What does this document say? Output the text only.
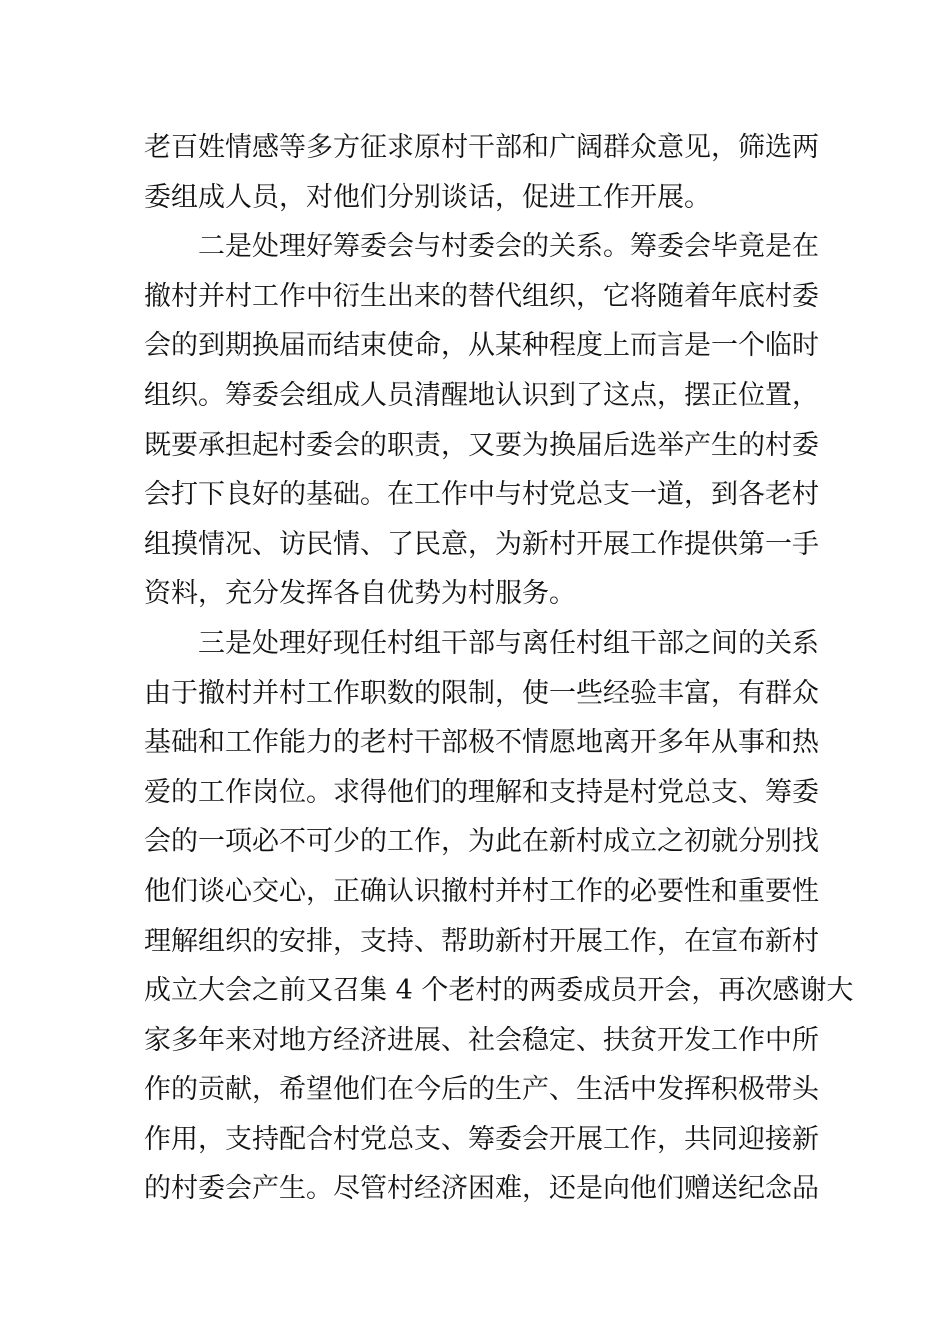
老百姓情感等多方征求原村干部和广阔群众意见，筛选两
委组成人员，对他们分别谈话，促进工作开展。
二是处理好筹委会与村委会的关系。筹委会毕竟是在
撤村并村工作中衍生出来的替代组织，它将随着年底村委
会的到期换届而结束使命，从某种程度上而言是一个临时
组织。筹委会组成人员清醒地认识到了这点，摆正位置，
既要承担起村委会的职责，又要为换届后选举产生的村委
会打下良好的基础。在工作中与村党总支一道，到各老村
组摸情况、访民情、了民意，为新村开展工作提供第一手
资料，充分发挥各自优势为村服务。
三是处理好现任村组干部与离任村组干部之间的关系
由于撤村并村工作职数的限制，使一些经验丰富，有群众
基础和工作能力的老村干部极不情愿地离开多年从事和热
爱的工作岗位。求得他们的理解和支持是村党总支、筹委
会的一项必不可少的工作，为此在新村成立之初就分别找
他们谈心交心，正确认识撤村并村工作的必要性和重要性
理解组织的安排，支持、帮助新村开展工作，在宣布新村
成立大会之前又召集 4 个老村的两委成员开会，再次感谢大
家多年来对地方经济进展、社会稳定、扶贫开发工作中所
作的贡献，希望他们在今后的生产、生活中发挥积极带头
作用，支持配合村党总支、筹委会开展工作，共同迎接新
的村委会产生。尽管村经济困难，还是向他们赠送纪念品
